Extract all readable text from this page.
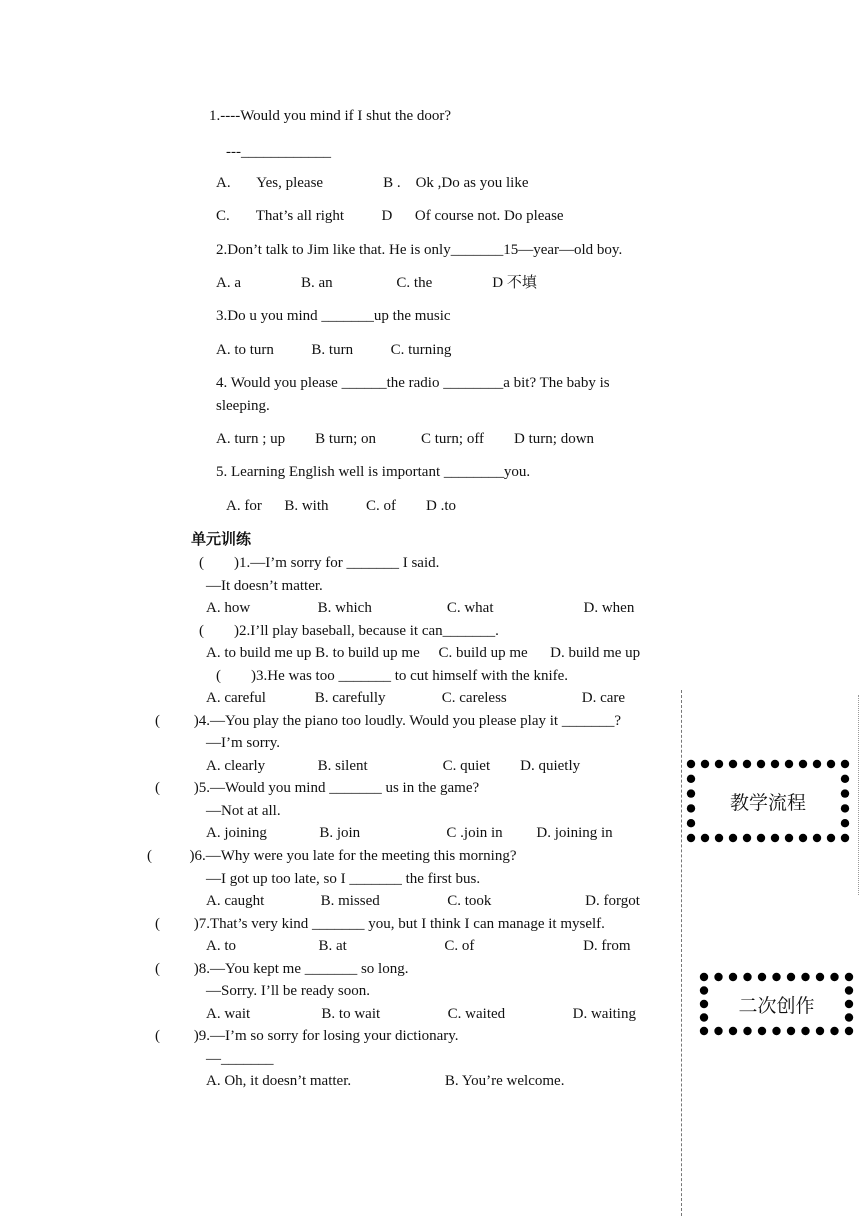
1.----Would you mind if I shut the door?
---____________
A.       Yes, please                B .    Ok ,Do as you like
C.       That’s all right          D      Of course not. Do please
2.Don’t talk to Jim like that. He is only_______15—year—old boy.
A. a                B. an                 C. the                D 不填
3.Do u you mind _______up the music
A. to turn          B. turn          C. turning
4. Would you please ______the radio ________a bit? The baby is
sleeping.
A. turn ; up        B turn; on            C turn; off        D turn; down
5. Learning English well is important ________you.
A. for      B. with          C. of        D .to
单元训练
(        )1.—I’m sorry for _______ I said.
—It doesn’t matter.
A. how                  B. which                    C. what                        D. when
(        )2.I’ll play baseball, because it can_______.
A. to build me up B. to build up me     C. build up me      D. build me up
(        )3.He was too _______ to cut himself with the knife.
A. careful             B. carefully               C. careless                    D. care
(         )4.—You play the piano too loudly. Would you please play it _______?
—I’m sorry.
A. clearly              B. silent                    C. quiet        D. quietly
(         )5.—Would you mind _______ us in the game?
—Not at all.
A. joining              B. join                       C .join in         D. joining in
(          )6.—Why were you late for the meeting this morning?
—I got up too late, so I _______ the first bus.
A. caught               B. missed                  C. took                         D. forgot
(         )7.That’s very kind _______ you, but I think I can manage it myself.
A. to                      B. at                          C. of                             D. from
(         )8.—You kept me _______ so long.
—Sorry. I’ll be ready soon.
A. wait                   B. to wait                  C. waited                  D. waiting
(         )9.—I’m so sorry for losing your dictionary.
—_______
A. Oh, it doesn’t matter.                         B. You’re welcome.
教学流程
二次创作
